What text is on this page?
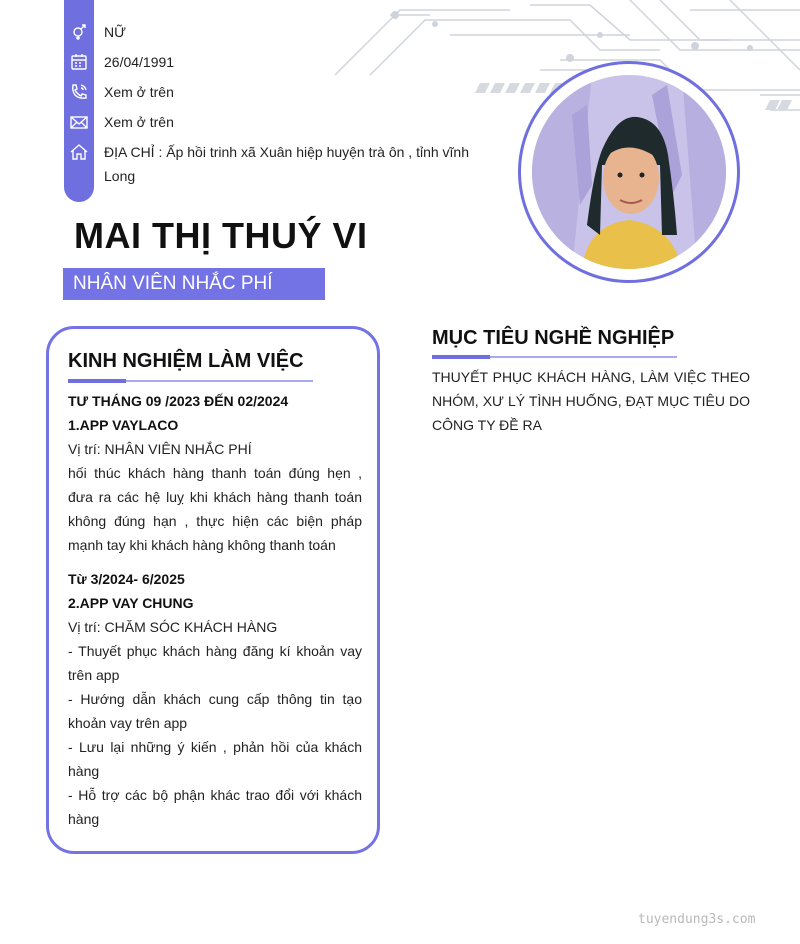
NỮ
26/04/1991
Xem ở trên
Xem ở trên
ĐỊA CHỈ : Ấp hồi trinh xã Xuân hiệp huyện trà ôn , tỉnh vĩnh Long
MAI THỊ THUÝ VI
NHÂN VIÊN NHẮC PHÍ
KINH NGHIỆM LÀM VIỆC

TƯ THÁNG 09 /2023 ĐẾN 02/2024

1.APP VAYLACO

Vị trí: NHÂN VIÊN NHẮC PHÍ

hối thúc khách hàng thanh toán đúng hẹn , đưa ra các hệ luỵ khi khách hàng thanh toán không đúng hạn , thực hiện các biện pháp mạnh tay khi khách hàng không thanh toán

Từ 3/2024- 6/2025

2.APP VAY CHUNG

Vị trí: CHĂM SÓC KHÁCH HÀNG

- Thuyết phục khách hàng đăng kí khoản vay trên app

- Hướng dẫn khách cung cấp thông tin tạo khoản vay trên app

- Lưu lại những ý kiến , phản hồi của khách hàng

- Hỗ trợ các bộ phận khác trao đổi với khách hàng

MỤC TIÊU NGHỀ NGHIỆP

THUYẾT PHỤC KHÁCH HÀNG, LÀM VIỆC THEO NHÓM, XƯ LÝ TÌNH HUỐNG, ĐẠT MỤC TIÊU DO CÔNG TY ĐỀ RA

tuyendung3s.com
